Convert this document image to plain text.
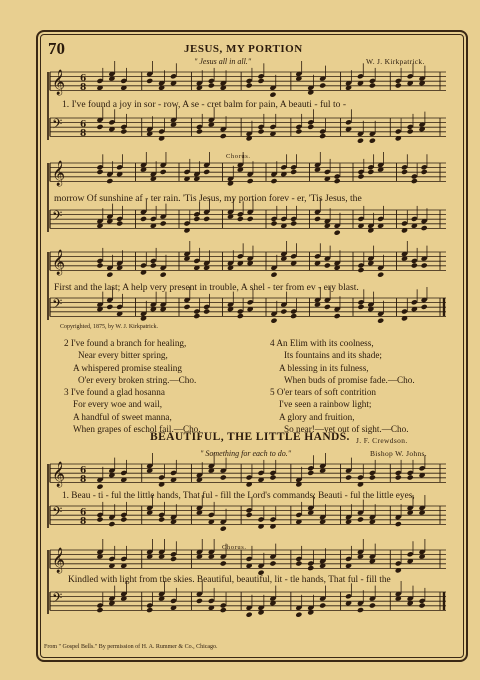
𝄞 6
8
𝄢 6
8
𝄞
𝄢
𝄞
𝄢
𝄞 6
8
𝄢 6
8
𝄞
𝄢
70	JESUS, MY PORTION
" Jesus all in all."	W. J. Kirkpatrick.
1. I've found a joy in sor - row, A se - cret balm for pain, A beauti - ful to -
Chorus.
morrow Of sunshine af - ter rain. 'Tis Jesus, my portion forev - er, 'Tis Jesus, the
First and the last; A help very present in trouble, A shel - ter from ev - ery blast.
Copyrighted, 1875, by W. J. Kirkpatrick.
2 I've found a branch for healing,
Near every bitter spring,
A whispered promise stealing
O'er every broken string.—Cho.
3 I've found a glad hosanna
For every woe and wail,
A handful of sweet manna,
When grapes of eschol fail.—Cho.
4 An Elim with its coolness,
Its fountains and its shade;
A blessing in its fulness,
When buds of promise fade.—Cho.
5 O'er tears of soft contrition
I've seen a rainbow light;
A glory and fruition,
So near!—yet out of sight.—Cho.
J. F. Crewdson.
BEAUTIFUL, THE LITTLE HANDS.
" Something for each to do."	Bishop W. Johns.
1. Beau - ti - ful the little hands, That ful - fill the Lord's commands; Beauti - ful the little eyes,
Chorus.
Kindled with light from the skies. Beautiful, beautiful, lit - tle hands, That ful - fill the
From " Gospel Bells." By permission of H. A. Rummer & Co., Chicago.
